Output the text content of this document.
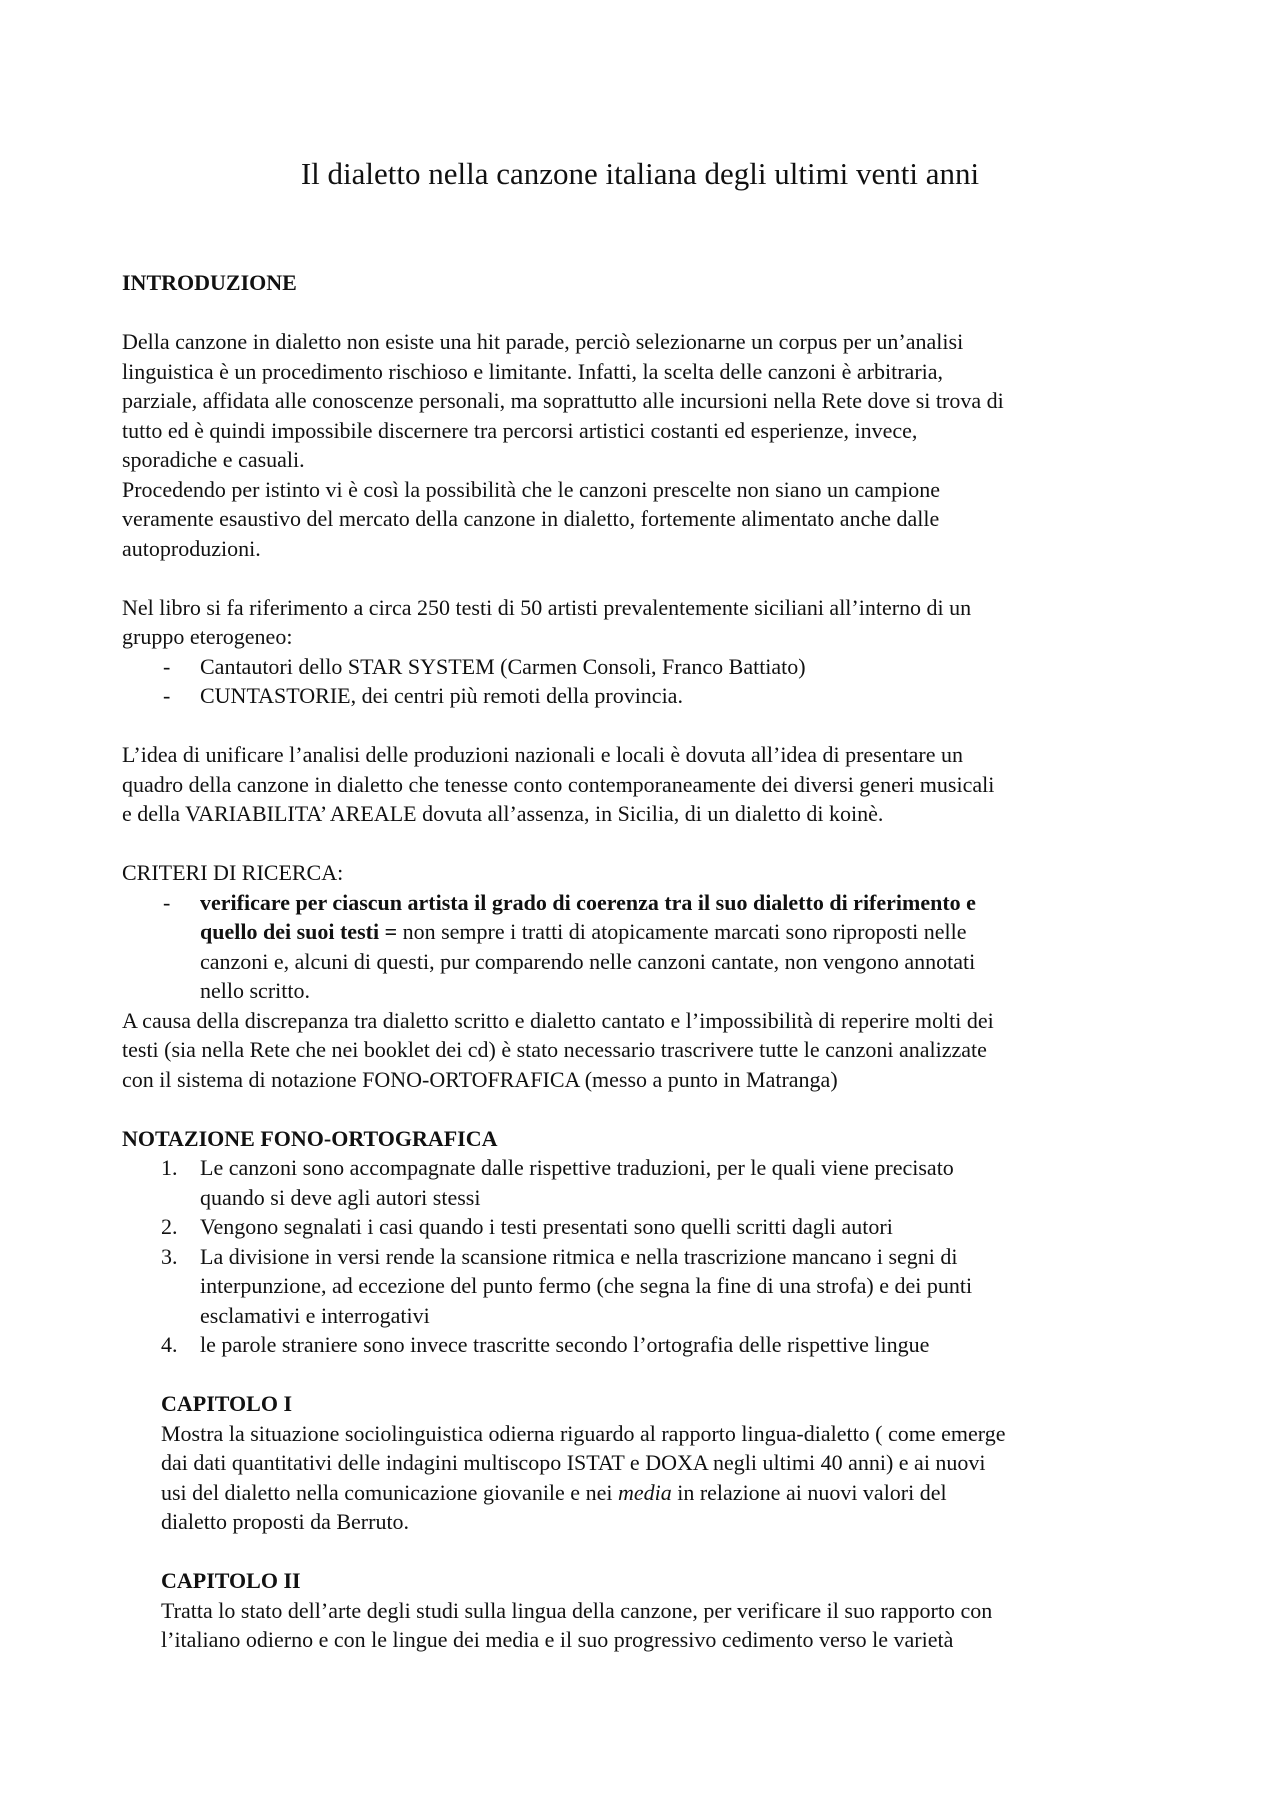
Il dialetto nella canzone italiana degli ultimi venti anni

INTRODUZIONE

Della canzone in dialetto non esiste una hit parade, perciò selezionarne un corpus per un’analisi
linguistica è un procedimento rischioso e limitante. Infatti, la scelta delle canzoni è arbitraria,
parziale, affidata alle conoscenze personali, ma soprattutto alle incursioni nella Rete dove si trova di
tutto ed è quindi impossibile discernere tra percorsi artistici costanti ed esperienze, invece,
sporadiche e casuali.
Procedendo per istinto vi è così la possibilità che le canzoni prescelte non siano un campione
veramente esaustivo del mercato della canzone in dialetto, fortemente alimentato anche dalle
autoproduzioni.
Nel libro si fa riferimento a circa 250 testi di 50 artisti prevalentemente siciliani all’interno di un
gruppo eterogeneo:
- Cantautori dello STAR SYSTEM (Carmen Consoli, Franco Battiato)
- CUNTASTORIE, dei centri più remoti della provincia.
L’idea di unificare l’analisi delle produzioni nazionali e locali è dovuta all’idea di presentare un
quadro della canzone in dialetto che tenesse conto contemporaneamente dei diversi generi musicali
e della VARIABILITA’ AREALE dovuta all’assenza, in Sicilia, di un dialetto di koinè.

CRITERI DI RICERCA:

- verificare per ciascun artista il grado di coerenza tra il suo dialetto di riferimento e
quello dei suoi testi = non sempre i tratti di atopicamente marcati sono riproposti nelle
canzoni e, alcuni di questi, pur comparendo nelle canzoni cantate, non vengono annotati
nello scritto.
A causa della discrepanza tra dialetto scritto e dialetto cantato e l’impossibilità di reperire molti dei
testi (sia nella Rete che nei booklet dei cd) è stato necessario trascrivere tutte le canzoni analizzate
con il sistema di notazione FONO-ORTOFRAFICA (messo a punto in Matranga)

NOTAZIONE FONO-ORTOGRAFICA

1. Le canzoni sono accompagnate dalle rispettive traduzioni, per le quali viene precisato
quando si deve agli autori stessi
2. Vengono segnalati i casi quando i testi presentati sono quelli scritti dagli autori
3. La divisione in versi rende la scansione ritmica e nella trascrizione mancano i segni di
interpunzione, ad eccezione del punto fermo (che segna la fine di una strofa) e dei punti
esclamativi e interrogativi
4. le parole straniere sono invece trascritte secondo l’ortografia delle rispettive lingue

CAPITOLO I

Mostra la situazione sociolinguistica odierna riguardo al rapporto lingua-dialetto ( come emerge
dai dati quantitativi delle indagini multiscopo ISTAT e DOXA negli ultimi 40 anni) e ai nuovi
usi del dialetto nella comunicazione giovanile e nei media in relazione ai nuovi valori del
dialetto proposti da Berruto.

CAPITOLO II

Tratta lo stato dell’arte degli studi sulla lingua della canzone, per verificare il suo rapporto con
l’italiano odierno e con le lingue dei media e il suo progressivo cedimento verso le varietà
